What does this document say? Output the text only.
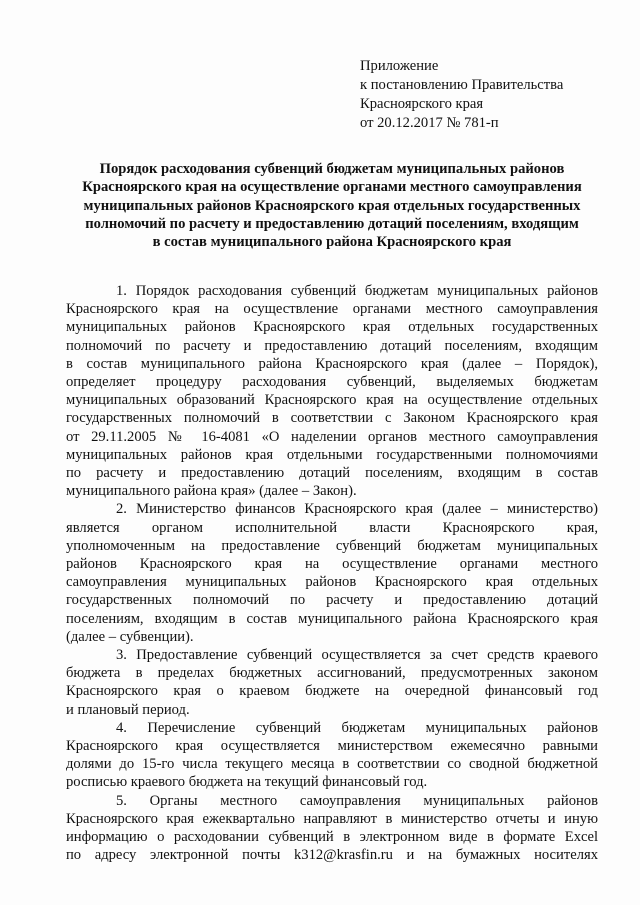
Приложение
к постановлению Правительства
Красноярского края
от 20.12.2017 № 781-п
Порядок расходования субвенций бюджетам муниципальных районов
Красноярского края на осуществление органами местного самоуправления
муниципальных районов Красноярского края отдельных государственных
полномочий по расчету и предоставлению дотаций поселениям, входящим
в состав муниципального района Красноярского края
1. Порядок расходования субвенций бюджетам муниципальных районов
Красноярского края на осуществление органами местного самоуправления
муниципальных районов Красноярского края отдельных государственных
полномочий по расчету и предоставлению дотаций поселениям, входящим
в состав муниципального района Красноярского края (далее – Порядок),
определяет процедуру расходования субвенций, выделяемых бюджетам
муниципальных образований Красноярского края на осуществление отдельных
государственных полномочий в соответствии с Законом Красноярского края
от 29.11.2005 № 16-4081 «О наделении органов местного самоуправления
муниципальных районов края отдельными государственными полномочиями
по расчету и предоставлению дотаций поселениям, входящим в состав
муниципального района края» (далее – Закон).
2. Министерство финансов Красноярского края (далее – министерство)
является органом исполнительной власти Красноярского края,
уполномоченным на предоставление субвенций бюджетам муниципальных
районов Красноярского края на осуществление органами местного
самоуправления муниципальных районов Красноярского края отдельных
государственных полномочий по расчету и предоставлению дотаций
поселениям, входящим в состав муниципального района Красноярского края
(далее – субвенции).
3. Предоставление субвенций осуществляется за счет средств краевого
бюджета в пределах бюджетных ассигнований, предусмотренных законом
Красноярского края о краевом бюджете на очередной финансовый год
и плановый период.
4. Перечисление субвенций бюджетам муниципальных районов
Красноярского края осуществляется министерством ежемесячно равными
долями до 15-го числа текущего месяца в соответствии со сводной бюджетной
росписью краевого бюджета на текущий финансовый год.
5. Органы местного самоуправления муниципальных районов
Красноярского края ежеквартально направляют в министерство отчеты и иную
информацию о расходовании субвенций в электронном виде в формате Excel
по адресу электронной почты k312@krasfin.ru и на бумажных носителях
